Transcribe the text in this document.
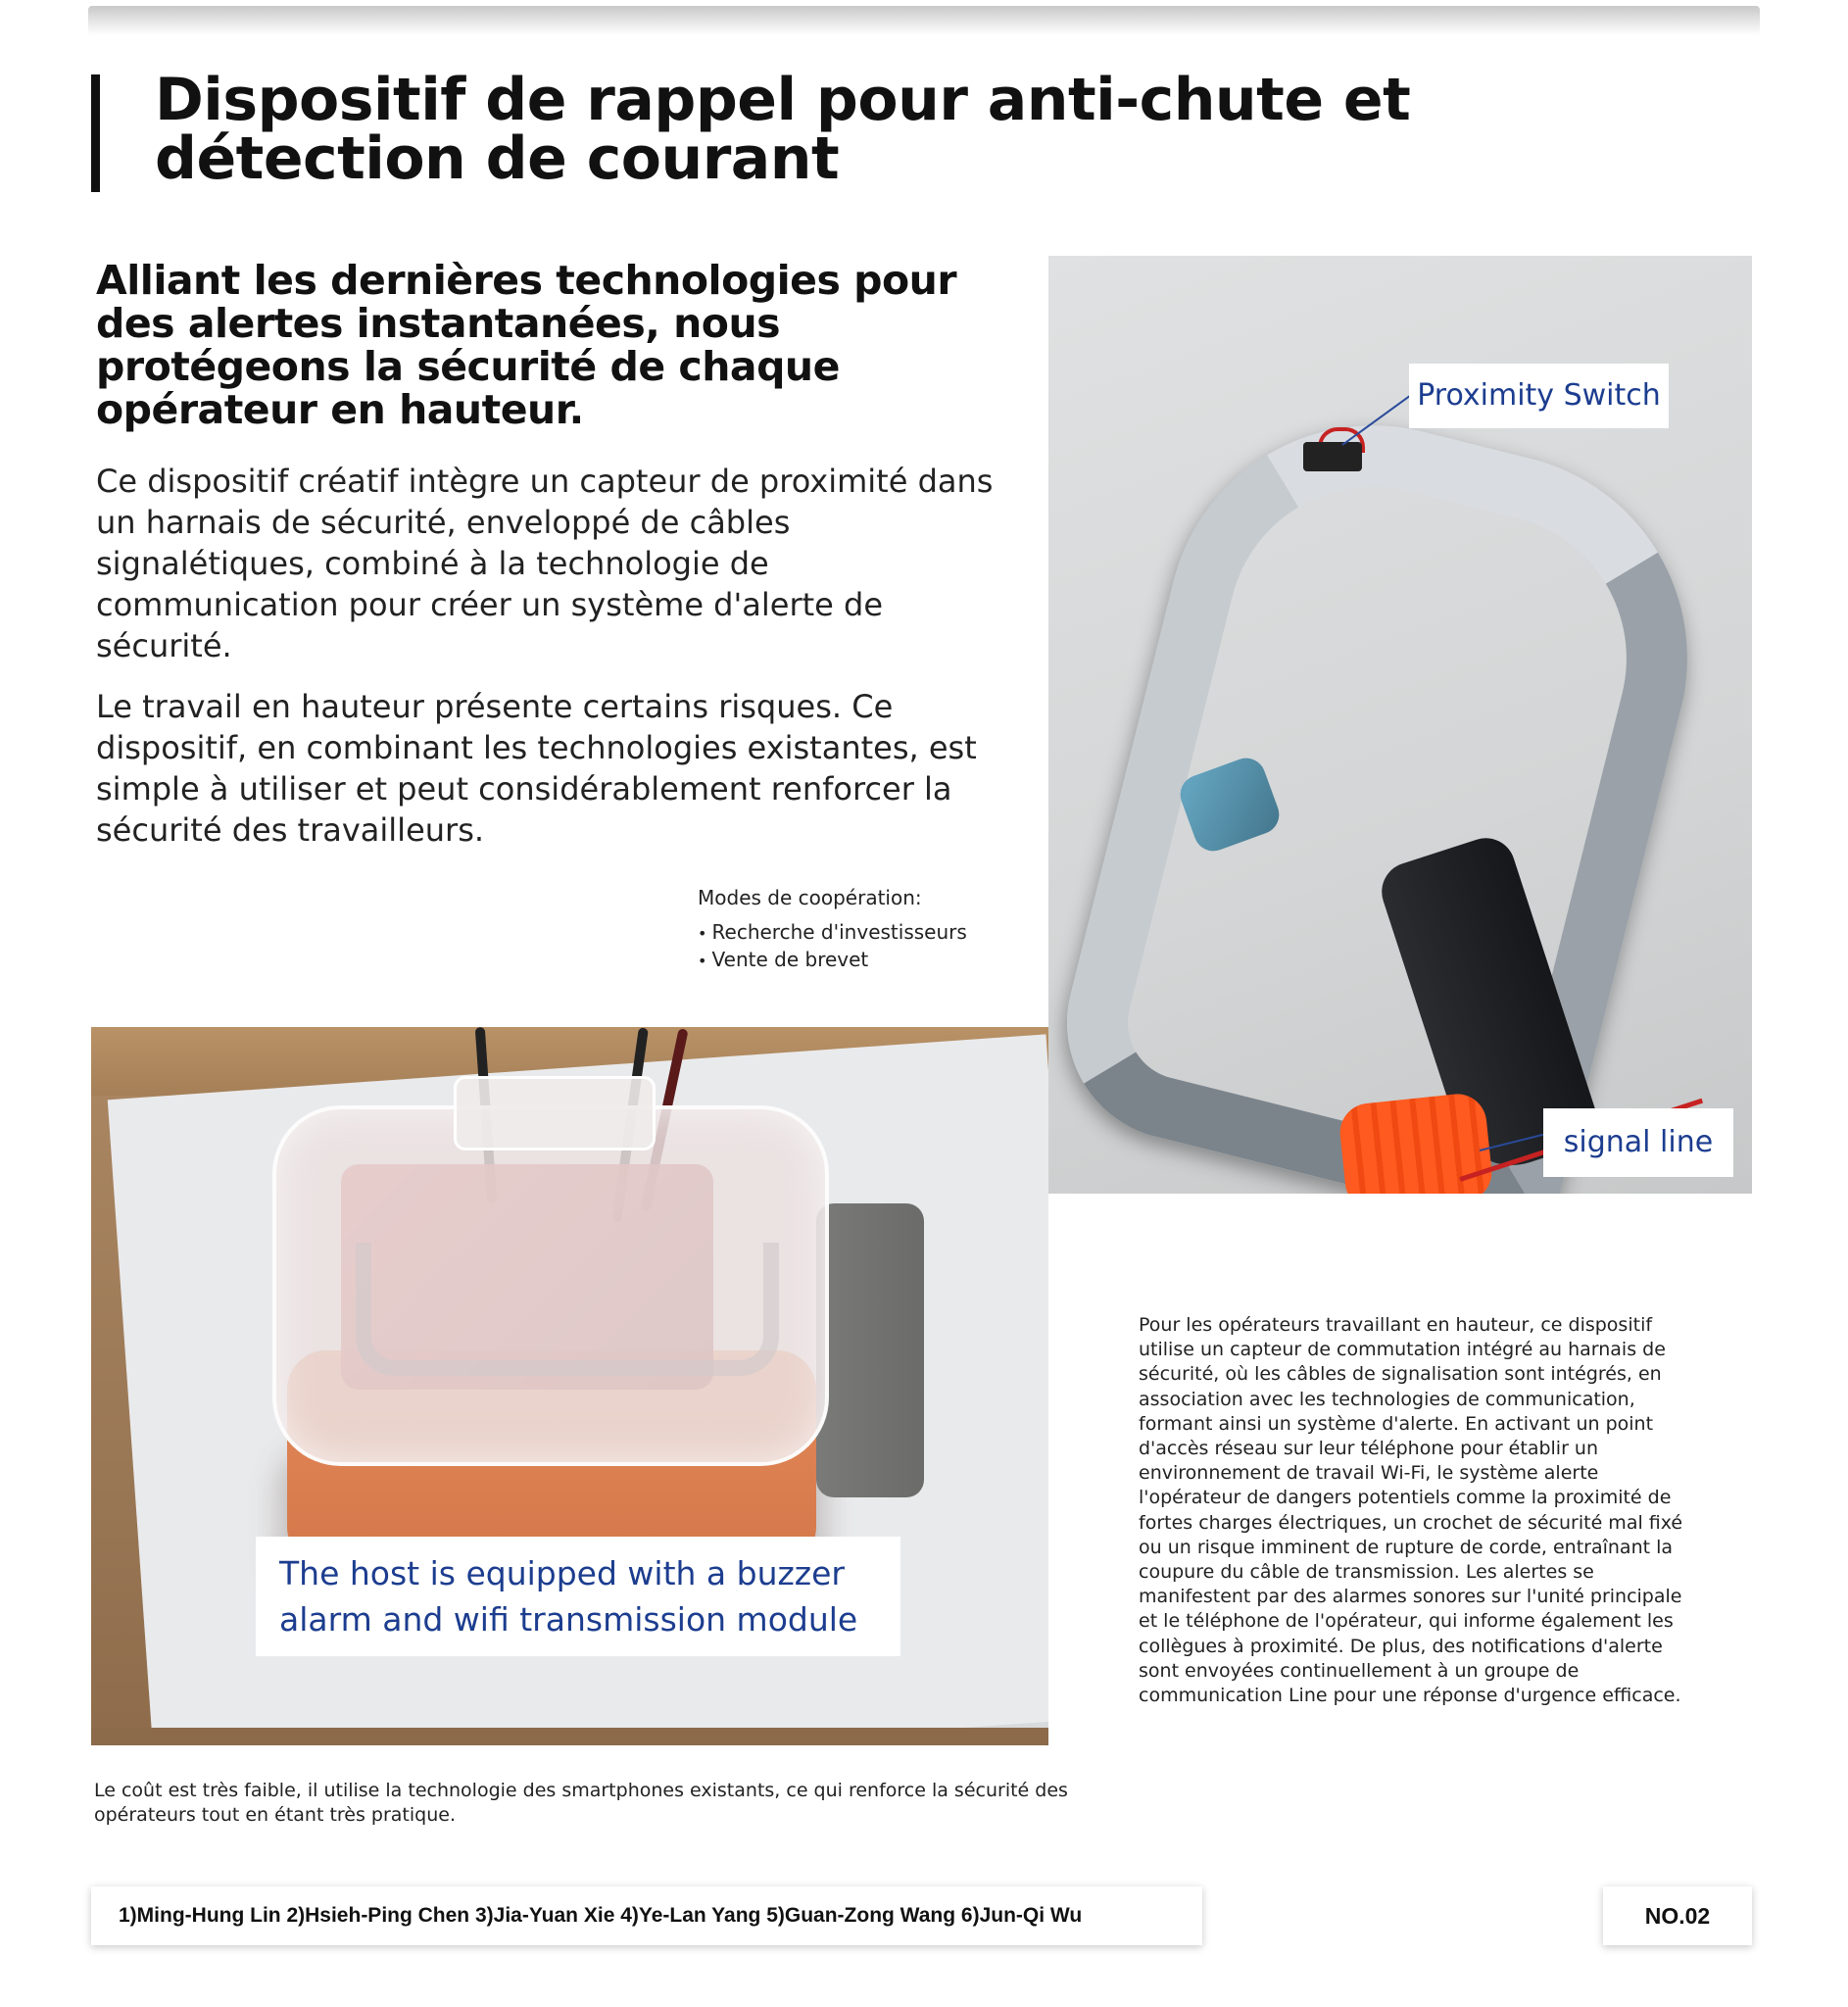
Dispositif de rappel pour anti-chute et détection de courant
Alliant les dernières technologies pour des alertes instantanées, nous protégeons la sécurité de chaque opérateur en hauteur.

Ce dispositif créatif intègre un capteur de proximité dans un harnais de sécurité, enveloppé de câbles signalétiques, combiné à la technologie de communication pour créer un système d'alerte de sécurité.

Le travail en hauteur présente certains risques. Ce dispositif, en combinant les technologies existantes, est simple à utiliser et peut considérablement renforcer la sécurité des travailleurs.

Modes de coopération:

• Recherche d'investisseurs
• Vente de brevet
Proximity Switch
signal line
The host is equipped with a buzzer alarm and wifi transmission module

Pour les opérateurs travaillant en hauteur, ce dispositif utilise un capteur de commutation intégré au harnais de sécurité, où les câbles de signalisation sont intégrés, en association avec les technologies de communication, formant ainsi un système d'alerte. En activant un point d'accès réseau sur leur téléphone pour établir un environnement de travail Wi-Fi, le système alerte l'opérateur de dangers potentiels comme la proximité de fortes charges électriques, un crochet de sécurité mal fixé ou un risque imminent de rupture de corde, entraînant la coupure du câble de transmission. Les alertes se manifestent par des alarmes sonores sur l'unité principale et le téléphone de l'opérateur, qui informe également les collègues à proximité. De plus, des notifications d'alerte sont envoyées continuellement à un groupe de communication Line pour une réponse d'urgence efficace.

Le coût est très faible, il utilise la technologie des smartphones existants, ce qui renforce la sécurité des opérateurs tout en étant très pratique.

1)Ming-Hung Lin 2)Hsieh-Ping Chen 3)Jia-Yuan Xie 4)Ye-Lan Yang 5)Guan-Zong Wang 6)Jun-Qi Wu	NO.02
